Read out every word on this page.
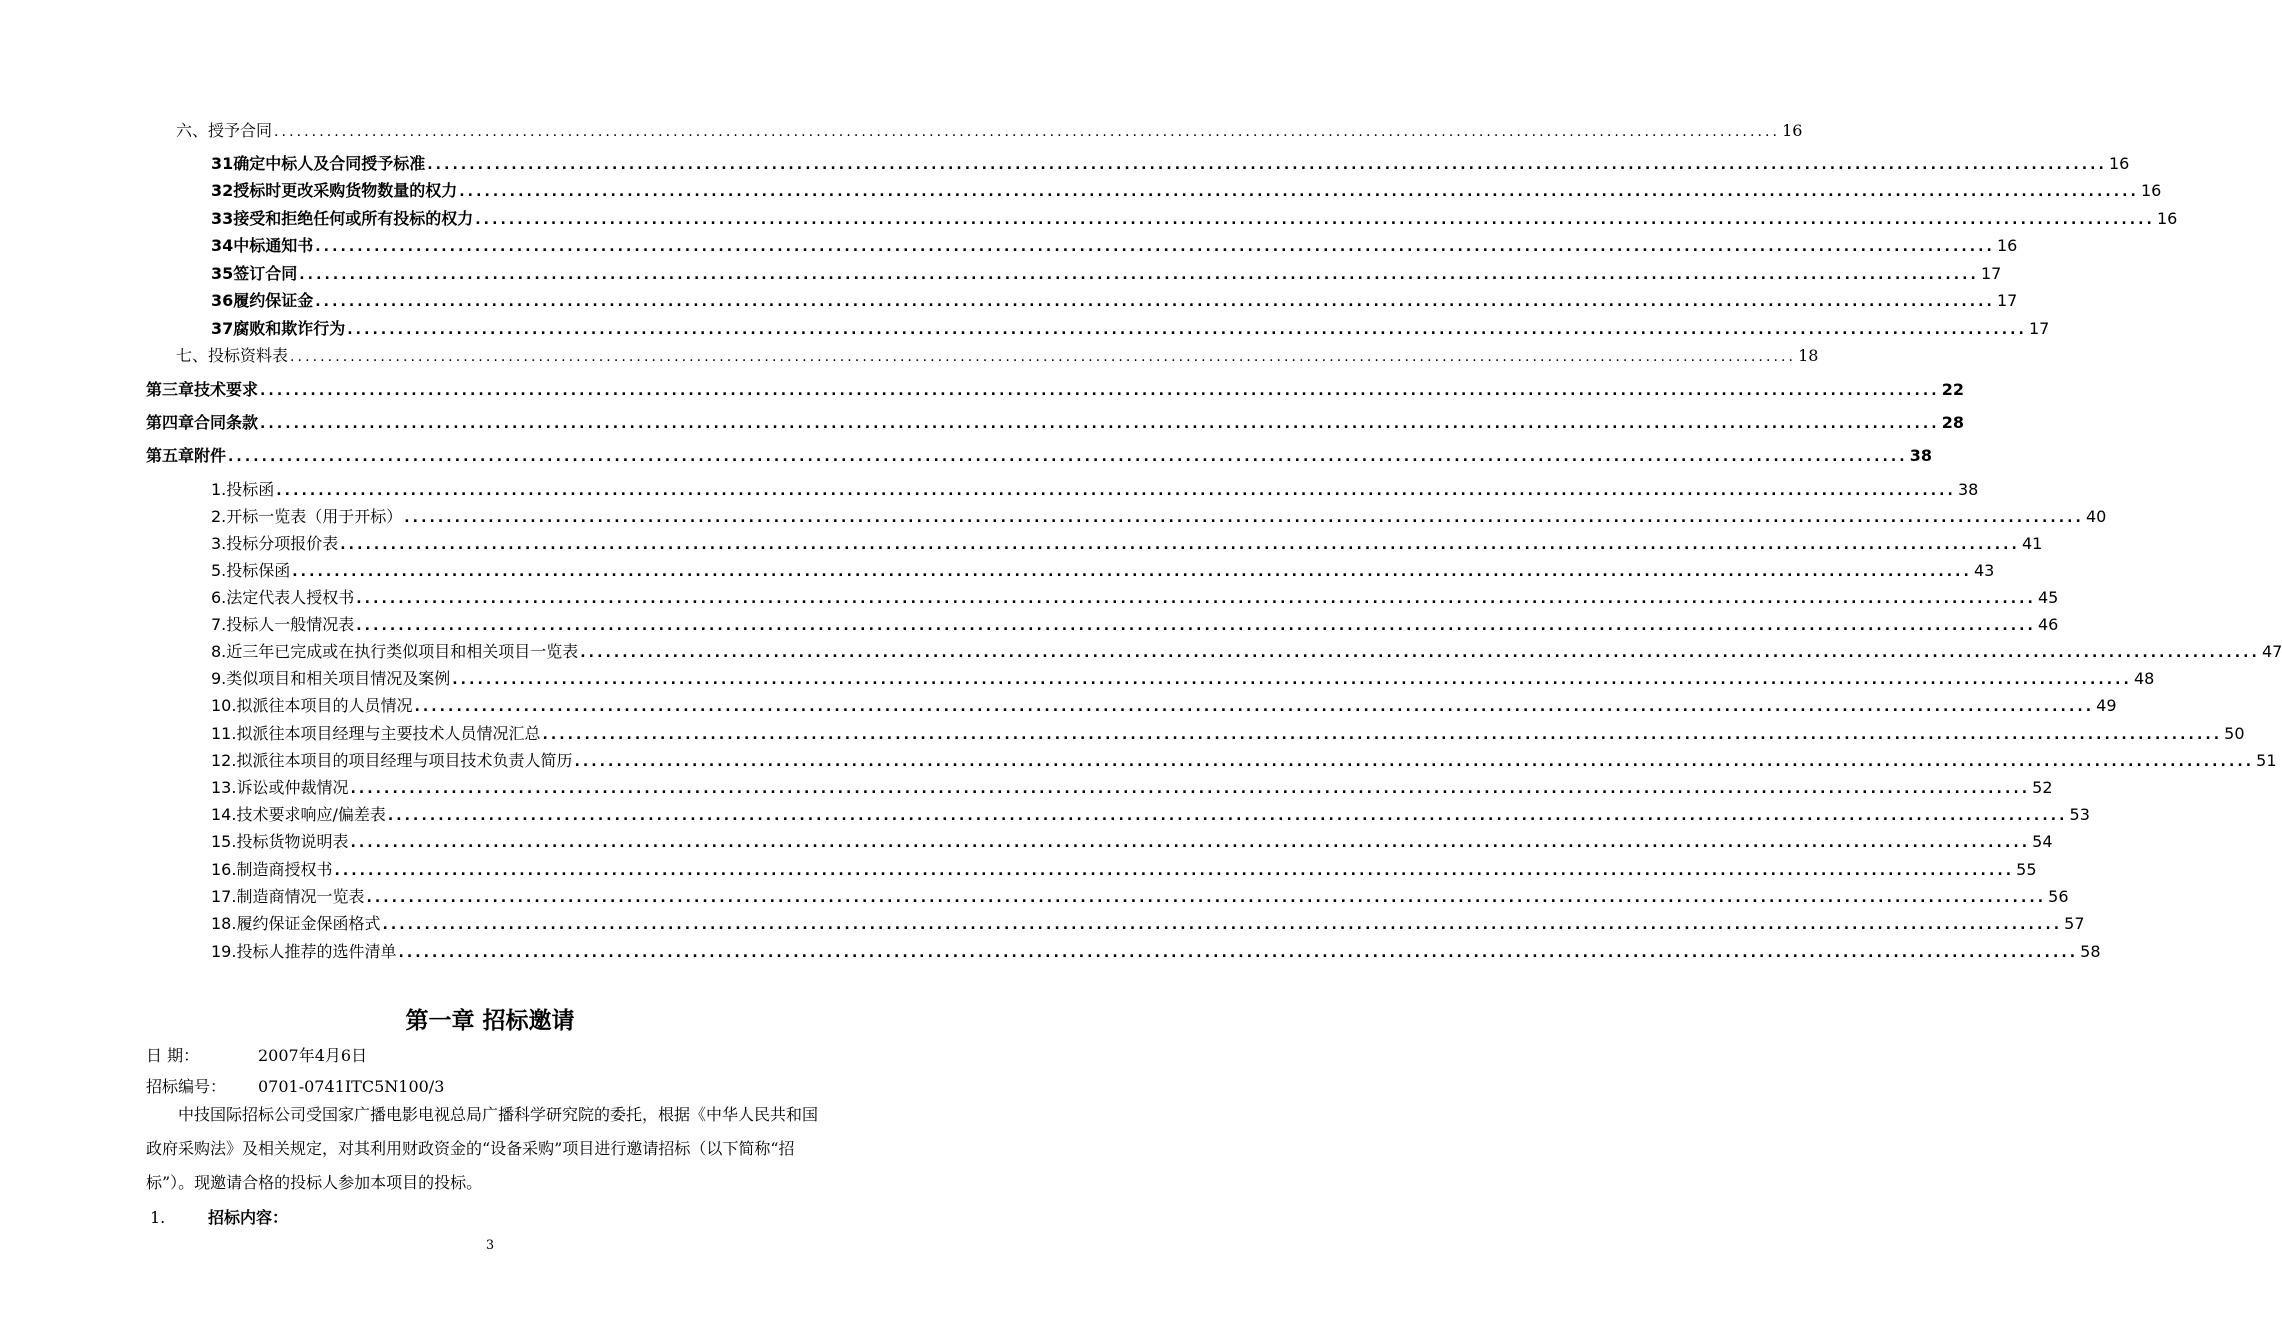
六、 授予合同 ........................................................................................................................................................................................................ 16
31 确定中标人及合同授予标准 ........................................................................................................................................................................................................ 16
32 授标时更改采购货物数量的权力 ........................................................................................................................................................................................................ 16
33 接受和拒绝任何或所有投标的权力 ........................................................................................................................................................................................................ 16
34 中标通知书 ........................................................................................................................................................................................................ 16
35 签订合同 ........................................................................................................................................................................................................ 17
36 履约保证金 ........................................................................................................................................................................................................ 17
37 腐败和欺诈行为 ........................................................................................................................................................................................................ 17
七、 投标资料表 ........................................................................................................................................................................................................ 18
第三章 技术要求 ........................................................................................................................................................................................................ 22
第四章 合同条款 ........................................................................................................................................................................................................ 28
第五章 附件 ........................................................................................................................................................................................................ 38
1. 投标函 ........................................................................................................................................................................................................ 38
2. 开标一览表（用于开标） ........................................................................................................................................................................................................ 40
3. 投标分项报价表 ........................................................................................................................................................................................................ 41
5. 投标保函 ........................................................................................................................................................................................................ 43
6. 法定代表人授权书 ........................................................................................................................................................................................................ 45
7. 投标人一般情况表 ........................................................................................................................................................................................................ 46
8. 近三年已完成或在执行类似项目和相关项目一览表 ........................................................................................................................................................................................................ 47
9. 类似项目和相关项目情况及案例 ........................................................................................................................................................................................................ 48
10. 拟派往本项目的人员情况 ........................................................................................................................................................................................................ 49
11. 拟派往本项目经理与主要技术人员情况汇总 ........................................................................................................................................................................................................ 50
12. 拟派往本项目的项目经理与项目技术负责人简历 ........................................................................................................................................................................................................ 51
13. 诉讼或仲裁情况 ........................................................................................................................................................................................................ 52
14. 技术要求响应/偏差表 ........................................................................................................................................................................................................ 53
15. 投标货物说明表 ........................................................................................................................................................................................................ 54
16. 制造商授权书 ........................................................................................................................................................................................................ 55
17. 制造商情况一览表 ........................................................................................................................................................................................................ 56
18. 履约保证金保函格式 ........................................................................................................................................................................................................ 57
19. 投标人推荐的选件清单 ........................................................................................................................................................................................................ 58
第一章 招标邀请
日 期：	2007年4月6日
招标编号： 0701-0741ITC5N100/3
中技国际招标公司受国家广播电影电视总局广播科学研究院的委托，根据《中华人民共和国政府采购法》及相关规定，对其利用财政资金的“设备采购”项目进行邀请招标（以下简称“招标”）。现邀请合格的投标人参加本项目的投标。
1.	招标内容：
3
